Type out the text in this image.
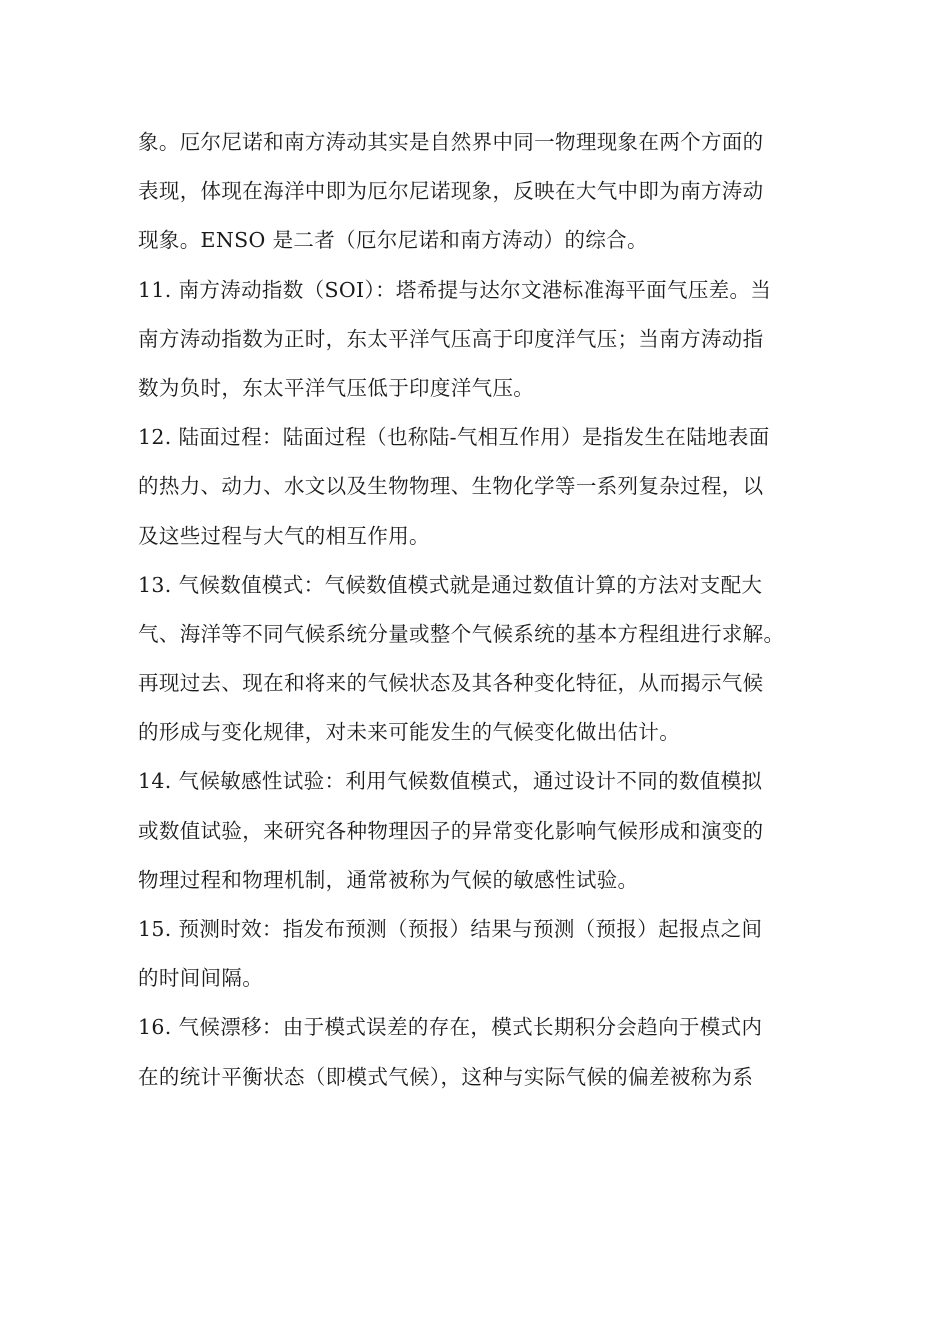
象。厄尔尼诺和南方涛动其实是自然界中同一物理现象在两个方面的
表现，体现在海洋中即为厄尔尼诺现象，反映在大气中即为南方涛动
现象。ENSO 是二者（厄尔尼诺和南方涛动）的综合。
11. 南方涛动指数（SOI）：塔希提与达尔文港标准海平面气压差。当
南方涛动指数为正时，东太平洋气压高于印度洋气压；当南方涛动指
数为负时，东太平洋气压低于印度洋气压。
12. 陆面过程：陆面过程（也称陆-气相互作用）是指发生在陆地表面
的热力、动力、水文以及生物物理、生物化学等一系列复杂过程，以
及这些过程与大气的相互作用。
13. 气候数值模式：气候数值模式就是通过数值计算的方法对支配大
气、海洋等不同气候系统分量或整个气候系统的基本方程组进行求解。
再现过去、现在和将来的气候状态及其各种变化特征，从而揭示气候
的形成与变化规律，对未来可能发生的气候变化做出估计。
14. 气候敏感性试验：利用气候数值模式，通过设计不同的数值模拟
或数值试验，来研究各种物理因子的异常变化影响气候形成和演变的
物理过程和物理机制，通常被称为气候的敏感性试验。
15. 预测时效：指发布预测（预报）结果与预测（预报）起报点之间
的时间间隔。
16. 气候漂移：由于模式误差的存在，模式长期积分会趋向于模式内
在的统计平衡状态（即模式气候），这种与实际气候的偏差被称为系
